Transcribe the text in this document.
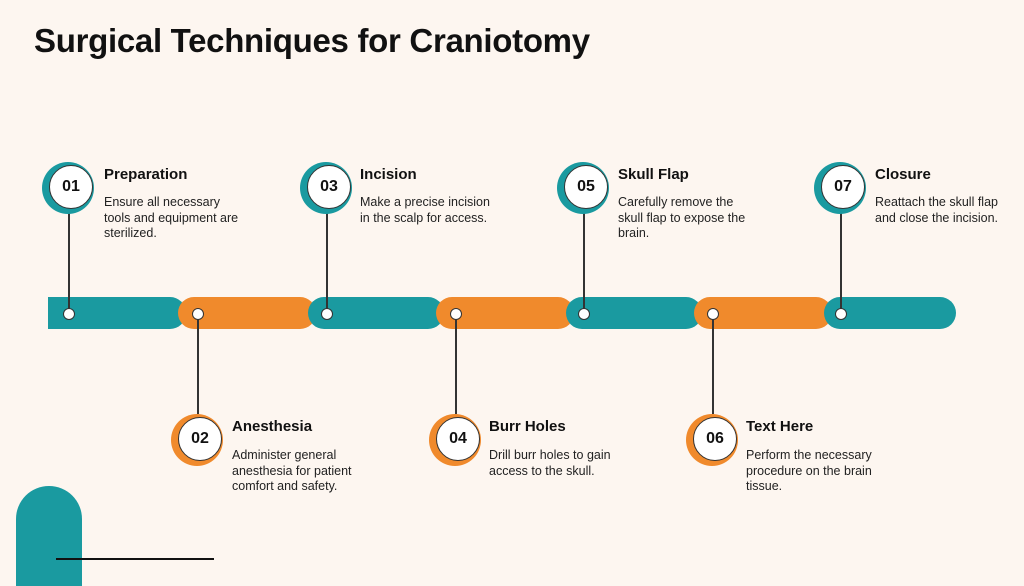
Surgical Techniques for Craniotomy
01
Preparation
Ensure all necessary tools and equipment are sterilized.
02
Anesthesia
Administer general anesthesia for patient comfort and safety.
03
Incision
Make a precise incision in the scalp for access.
04
Burr Holes
Drill burr holes to gain access to the skull.
05
Skull Flap
Carefully remove the skull flap to expose the brain.
06
Text Here
Perform the necessary procedure on the brain tissue.
07
Closure
Reattach the skull flap and close the incision.
